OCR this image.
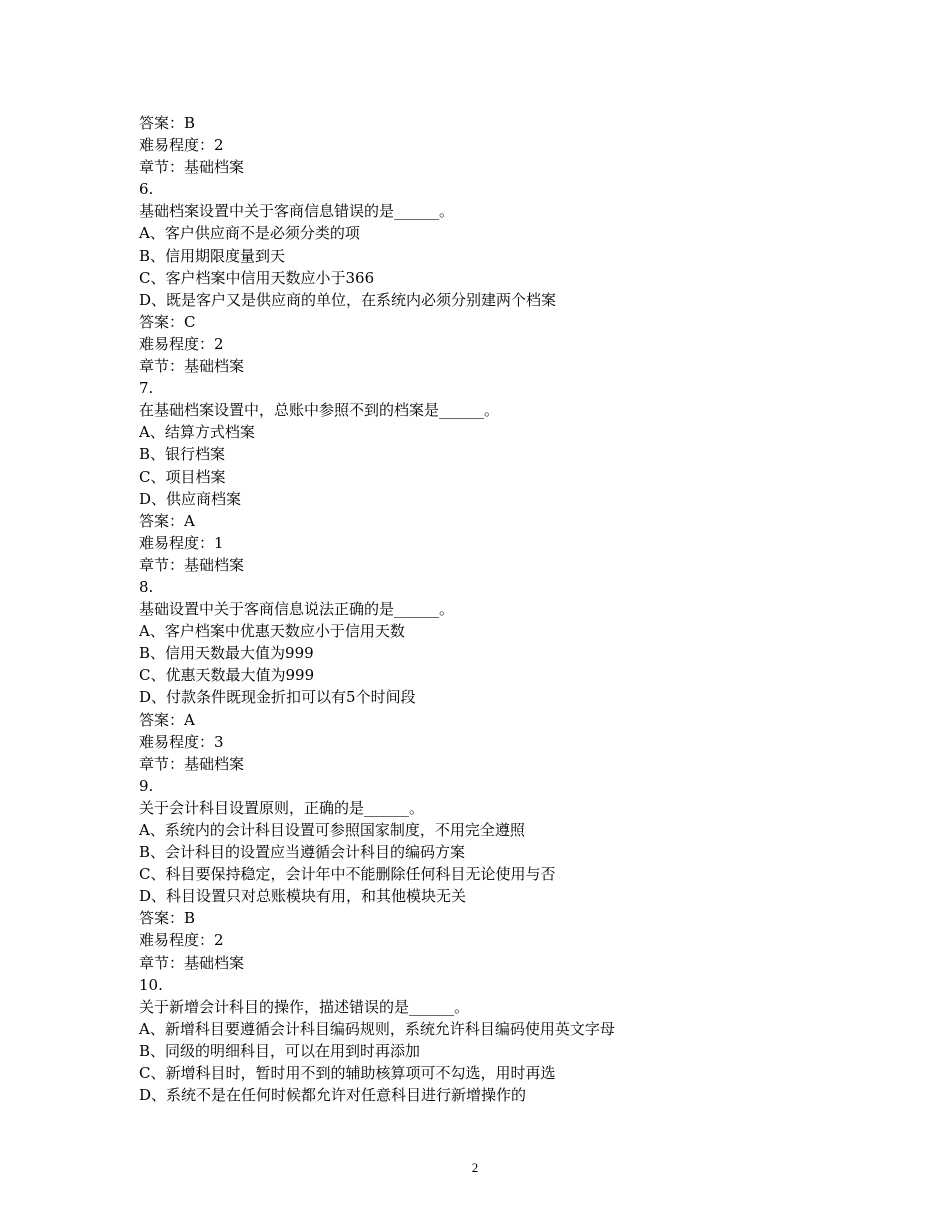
答案：B
难易程度：2
章节：基础档案
6.
基础档案设置中关于客商信息错误的是______。
A、客户供应商不是必须分类的项
B、信用期限度量到天
C、客户档案中信用天数应小于366
D、既是客户又是供应商的单位，在系统内必须分别建两个档案
答案：C
难易程度：2
章节：基础档案
7.
在基础档案设置中，总账中参照不到的档案是______。
A、结算方式档案
B、银行档案
C、项目档案
D、供应商档案
答案：A
难易程度：1
章节：基础档案
8.
基础设置中关于客商信息说法正确的是______。
A、客户档案中优惠天数应小于信用天数
B、信用天数最大值为999
C、优惠天数最大值为999
D、付款条件既现金折扣可以有5个时间段
答案：A
难易程度：3
章节：基础档案
9.
关于会计科目设置原则，正确的是______。
A、系统内的会计科目设置可参照国家制度，不用完全遵照
B、会计科目的设置应当遵循会计科目的编码方案
C、科目要保持稳定，会计年中不能删除任何科目无论使用与否
D、科目设置只对总账模块有用，和其他模块无关
答案：B
难易程度：2
章节：基础档案
10.
关于新增会计科目的操作，描述错误的是______。
A、新增科目要遵循会计科目编码规则，系统允许科目编码使用英文字母
B、同级的明细科目，可以在用到时再添加
C、新增科目时，暂时用不到的辅助核算项可不勾选，用时再选
D、系统不是在任何时候都允许对任意科目进行新增操作的
2
